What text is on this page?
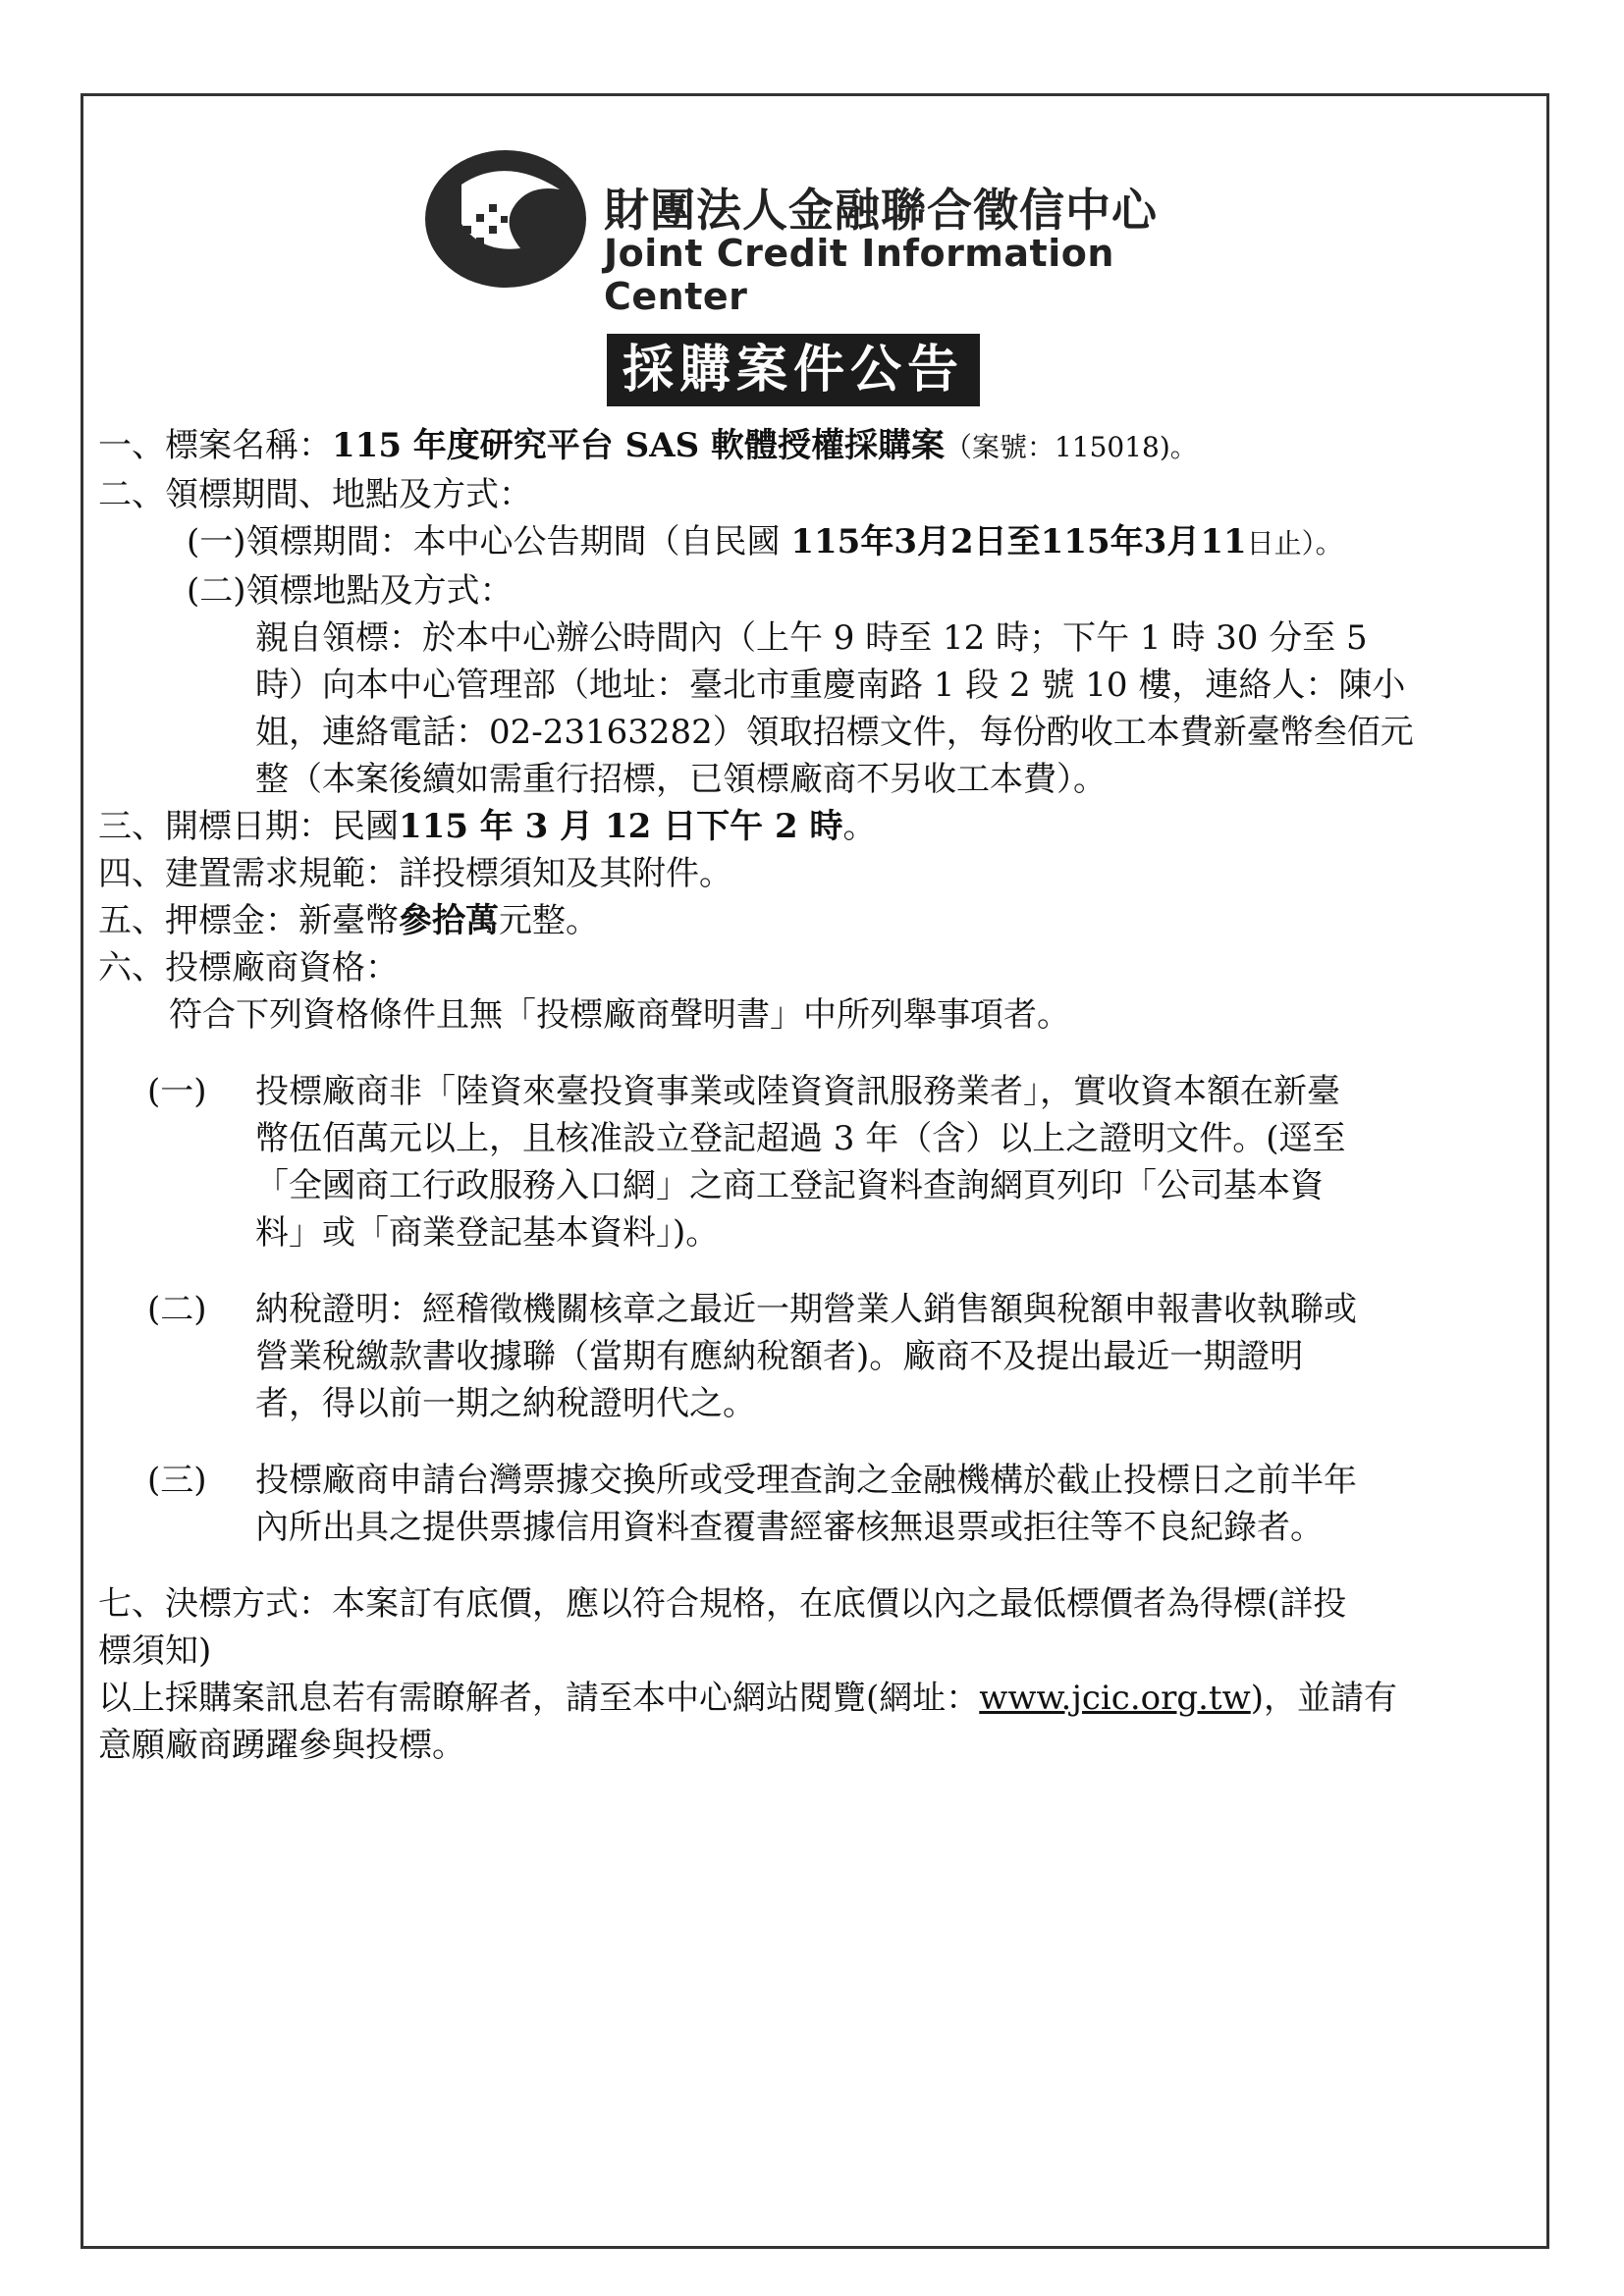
財團法人金融聯合徵信中心
Joint Credit Information Center
採購案件公告
一、標案名稱：115 年度研究平台 SAS 軟體授權採購案（案號：115018)。
二、領標期間、地點及方式：
(一)領標期間：本中心公告期間（自民國 115年3月2日至115年3月11日止）。
(二)領標地點及方式：
親自領標：於本中心辦公時間內（上午 9 時至 12 時；下午 1 時 30 分至 5
時）向本中心管理部（地址：臺北市重慶南路 1 段 2 號 10 樓，連絡人：陳小
姐，連絡電話：02-23163282）領取招標文件，每份酌收工本費新臺幣叁佰元
整（本案後續如需重行招標，已領標廠商不另收工本費）。
三、開標日期：民國115 年 3 月 12 日下午 2 時。
四、建置需求規範：詳投標須知及其附件。
五、押標金：新臺幣參拾萬元整。
六、投標廠商資格：
符合下列資格條件且無「投標廠商聲明書」中所列舉事項者。
(一) 投標廠商非「陸資來臺投資事業或陸資資訊服務業者」，實收資本額在新臺
幣伍佰萬元以上，且核准設立登記超過 3 年（含）以上之證明文件。(逕至
「全國商工行政服務入口網」之商工登記資料查詢網頁列印「公司基本資
料」或「商業登記基本資料」)。
(二) 納稅證明：經稽徵機關核章之最近一期營業人銷售額與稅額申報書收執聯或
營業稅繳款書收據聯（當期有應納稅額者)。廠商不及提出最近一期證明
者，得以前一期之納稅證明代之。
(三) 投標廠商申請台灣票據交換所或受理查詢之金融機構於截止投標日之前半年
內所出具之提供票據信用資料查覆書經審核無退票或拒往等不良紀錄者。
七、決標方式：本案訂有底價，應以符合規格，在底價以內之最低標價者為得標(詳投
標須知)
以上採購案訊息若有需瞭解者，請至本中心網站閱覽(網址：www.jcic.org.tw)，並請有
意願廠商踴躍參與投標。
